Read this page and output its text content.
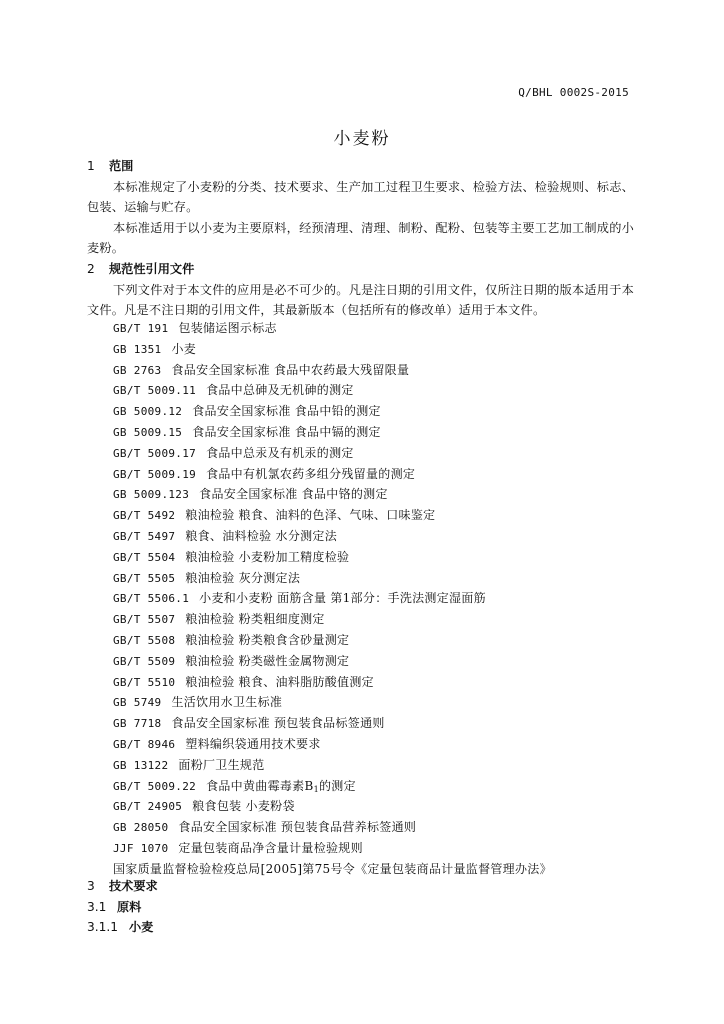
Q/BHL 0002S-2015
小麦粉
1 范围
本标准规定了小麦粉的分类、技术要求、生产加工过程卫生要求、检验方法、检验规则、标志、包装、运输与贮存。
本标准适用于以小麦为主要原料，经预清理、清理、制粉、配粉、包装等主要工艺加工制成的小麦粉。
2 规范性引用文件
下列文件对于本文件的应用是必不可少的。凡是注日期的引用文件，仅所注日期的版本适用于本文件。凡是不注日期的引用文件，其最新版本（包括所有的修改单）适用于本文件。
GB/T 191 包装储运图示标志
GB 1351 小麦
GB 2763 食品安全国家标准 食品中农药最大残留限量
GB/T 5009.11 食品中总砷及无机砷的测定
GB 5009.12 食品安全国家标准 食品中铅的测定
GB 5009.15 食品安全国家标准 食品中镉的测定
GB/T 5009.17 食品中总汞及有机汞的测定
GB/T 5009.19 食品中有机氯农药多组分残留量的测定
GB 5009.123 食品安全国家标准 食品中铬的测定
GB/T 5492 粮油检验 粮食、油料的色泽、气味、口味鉴定
GB/T 5497 粮食、油料检验 水分测定法
GB/T 5504 粮油检验 小麦粉加工精度检验
GB/T 5505 粮油检验 灰分测定法
GB/T 5506.1 小麦和小麦粉 面筋含量 第1部分：手洗法测定湿面筋
GB/T 5507 粮油检验 粉类粗细度测定
GB/T 5508 粮油检验 粉类粮食含砂量测定
GB/T 5509 粮油检验 粉类磁性金属物测定
GB/T 5510 粮油检验 粮食、油料脂肪酸值测定
GB 5749 生活饮用水卫生标准
GB 7718 食品安全国家标准 预包装食品标签通则
GB/T 8946 塑料编织袋通用技术要求
GB 13122 面粉厂卫生规范
GB/T 5009.22 食品中黄曲霉毒素$B_1$的测定
GB/T 24905 粮食包装 小麦粉袋
GB 28050 食品安全国家标准 预包装食品营养标签通则
JJF 1070 定量包装商品净含量计量检验规则
国家质量监督检验检疫总局[2005]第75号令《定量包装商品计量监督管理办法》
3 技术要求
3.1 原料
3.1.1 小麦
